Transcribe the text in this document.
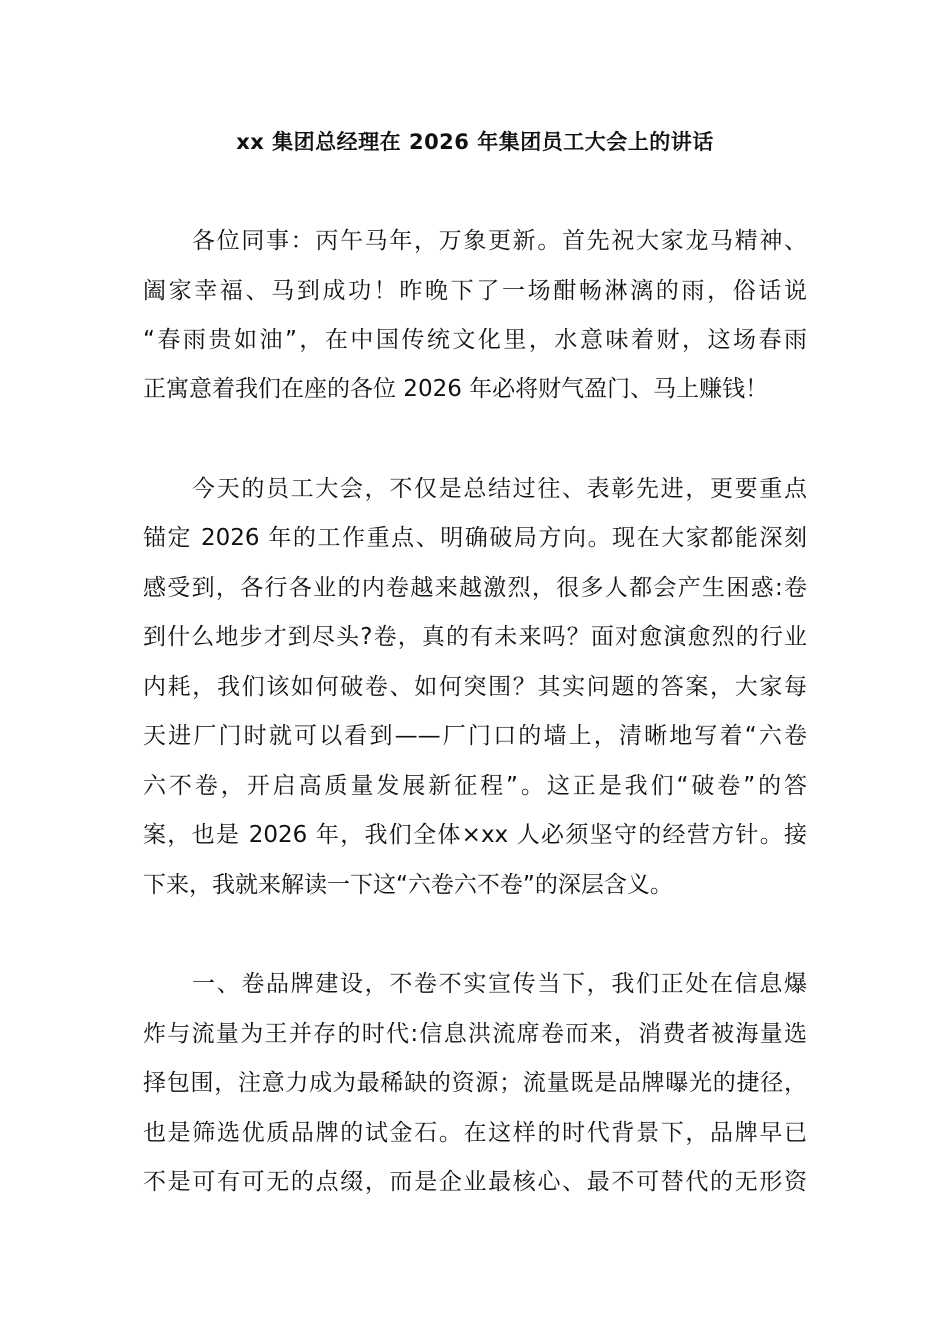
xx 集团总经理在 2026 年集团员工大会上的讲话

各位同事：丙午马年，万象更新。首先祝大家龙马精神、

阖家幸福、马到成功！昨晚下了一场酣畅淋漓的雨，俗话说

“春雨贵如油”，在中国传统文化里，水意味着财，这场春雨

正寓意着我们在座的各位 2026 年必将财气盈门、马上赚钱！

今天的员工大会，不仅是总结过往、表彰先进，更要重点

锚定 2026 年的工作重点、明确破局方向。现在大家都能深刻

感受到，各行各业的内卷越来越激烈，很多人都会产生困惑:卷

到什么地步才到尽头?卷，真的有未来吗？面对愈演愈烈的行业

内耗，我们该如何破卷、如何突围？其实问题的答案，大家每

天进厂门时就可以看到——厂门口的墙上，清晰地写着“六卷

六不卷，开启高质量发展新征程”。这正是我们“破卷”的答

案，也是 2026 年，我们全体×xx 人必须坚守的经营方针。接

下来，我就来解读一下这“六卷六不卷”的深层含义。

一、卷品牌建设，不卷不实宣传当下，我们正处在信息爆

炸与流量为王并存的时代:信息洪流席卷而来，消费者被海量选

择包围，注意力成为最稀缺的资源；流量既是品牌曝光的捷径，

也是筛选优质品牌的试金石。在这样的时代背景下，品牌早已

不是可有可无的点缀，而是企业最核心、最不可替代的无形资
